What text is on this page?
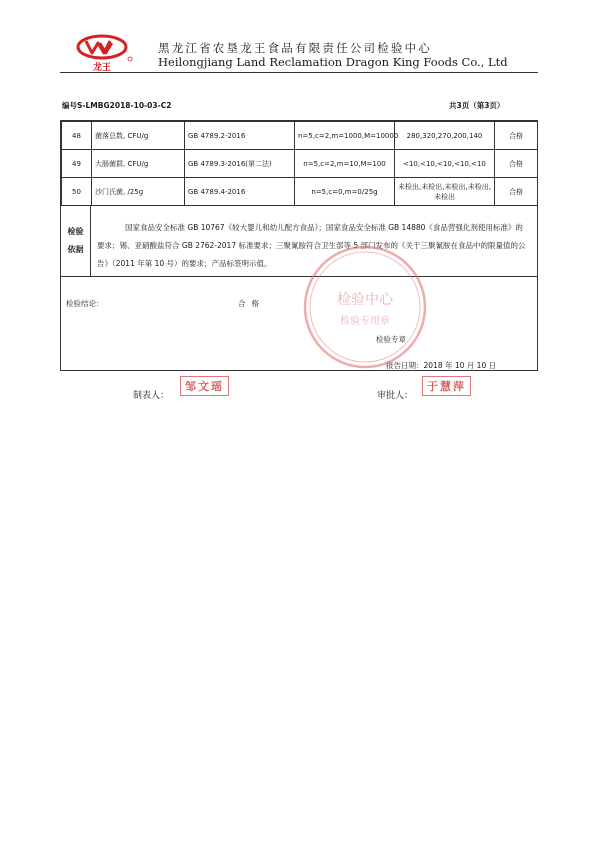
龙王
黑龙江省农垦龙王食品有限责任公司检验中心
Heilongjiang Land Reclamation Dragon King Foods Co., Ltd
编号S-LMBG2018-10-03-C2	共3页（第3页）
48	菌落总数, CFU/g	GB 4789.2-2016	n=5,c=2,m=1000,M=10000	280,320,270,200,140	合格
49	大肠菌群, CFU/g	GB 4789.3-2016(第二法)	n=5,c=2,m=10,M=100	<10,<10,<10,<10,<10	合格
50	沙门氏菌, /25g	GB 4789.4-2016	n=5,c=0,m=0/25g	未检出,未检出,未检出,未检出,未检出	合格
检验
依据
国家食品安全标准 GB 10767《较大婴儿和幼儿配方食品》；国家食品安全标准 GB 14880《食品营强化剂使用标准》的要求；锡、亚硝酸盐符合 GB 2762-2017 标准要求；三聚氰胺符合卫生部等 5 部门发布的《关于三聚氰胺在食品中的限量值的公告》（2011 年第 10 号）的要求；产品标签明示值。
检验结论：	合格
检验专章
报告日期：2018 年 10 月 10 日
检验中心
检验专用章
制表人：
邹文瑶
审批人：
于慧萍
